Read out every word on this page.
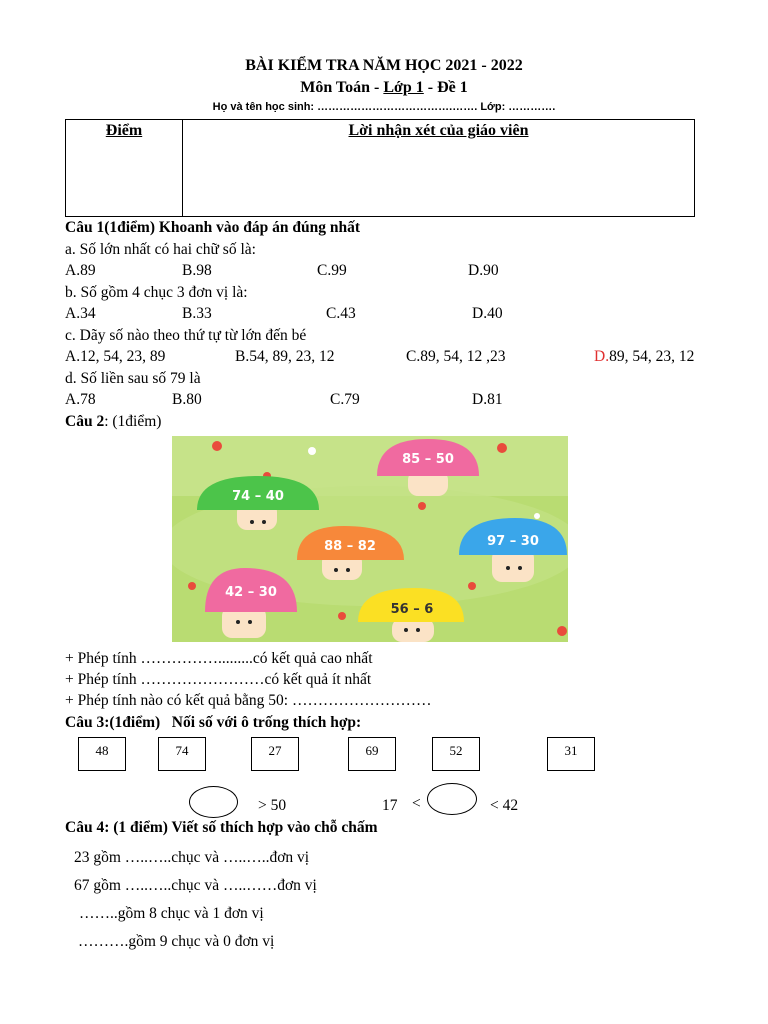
BÀI KIỂM TRA NĂM HỌC 2021 - 2022
Môn Toán - Lớp 1 - Đề 1
Họ và tên học sinh: ……………………………….……. Lớp: ………….
Điểm	Lời nhận xét của giáo viên
Câu 1(1điểm) Khoanh vào đáp án đúng nhất
a. Số lớn nhất có hai chữ số là:
A.89	B.98	C.99	D.90
b. Số gồm 4 chục 3 đơn vị là:
A.34	B.33	C.43	D.40
c. Dãy số nào theo thứ tự từ lớn đến bé
A.12, 54, 23, 89	B.54, 89, 23, 12	C.89, 54, 12 ,23	D.89, 54, 23, 12
d. Số liền sau số 79 là
A.78	B.80	C.79	D.81
Câu 2: (1điểm)
85 – 50
74 – 40
88 – 82	97 – 30
42 – 30
56 – 6
+ Phép tính …………….........có kết quả cao nhất
+ Phép tính ……………………có kết quả ít nhất
+ Phép tính nào có kết quả bằng 50: ………………………
Câu 3:(1điểm) Nối số với ô trống thích hợp:
48	74	27	69	52	31
> 50	17 <	< 42
Câu 4: (1 điểm) Viết số thích hợp vào chỗ chấm
23 gồm …..…..chục và …..…..đơn vị
67 gồm …..…..chục và …..……đơn vị
……..gồm 8 chục và 1 đơn vị
……….gồm 9 chục và 0 đơn vị
